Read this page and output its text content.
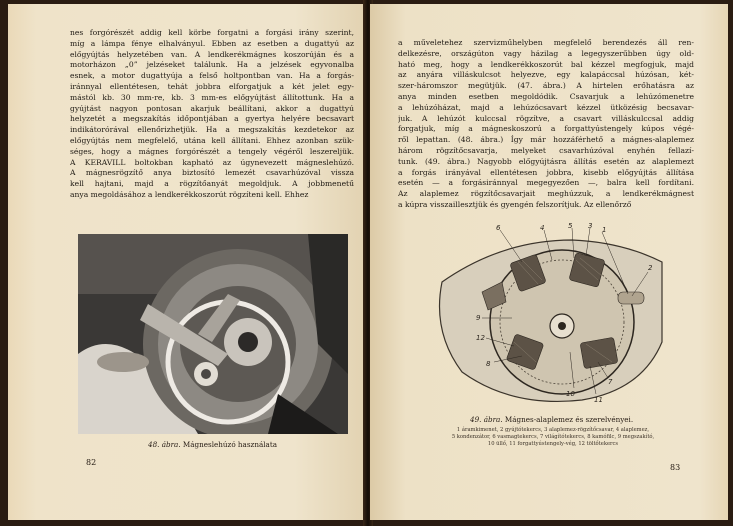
nes forgórészét addig kell körbe forgatni a forgási irány szerint,
míg a lámpa fénye elhalványul. Ebben az esetben a dugattyú az
előgyújtás helyzetében van. A lendkerékmágnes koszorúján és a
motorházon „0” jelzéseket találunk. Ha a jelzések egyvonalba
esnek, a motor dugattyúja a felső holtpontban van. Ha a forgás-
iránnyal ellentétesen, tehát jobbra elforgatjuk a két jelet egy-
mástól kb. 30 mm-re, kb. 3 mm-es előgyújtást állítottunk. Ha a
gyújtást nagyon pontosan akarjuk beállítani, akkor a dugattyú
helyzetét a megszakítás időpontjában a gyertya helyére becsavart
indikátorórával ellenőrizhetjük. Ha a megszakítás kezdetekor az
előgyújtás nem megfelelő, utána kell állítani. Ehhez azonban szük-
séges, hogy a mágnes forgórészét a tengely végéről leszereljük.
A KERAVILL boltokban kapható az úgynevezett mágneslehúzó.
A mágnesrögzítő anya biztosító lemezét csavarhúzóval vissza
kell hajtani, majd a rögzítőanyát megoldjuk. A jobbmenetű
anya megoldásához a lendkerékkoszorút rögzíteni kell. Ehhez
48. ábra. Mágneslehúzó használata
82
a műveletehez szervizműhelyben megfelelő berendezés áll ren-
delkezésre, országúton vagy házilag a legegyszerűbben úgy old-
ható meg, hogy a lendkerékkoszorút bal kézzel megfogjuk, majd
az anyára villáskulcsot helyezve, egy kalapáccsal húzósan, két-
szer-háromszor megütjük. (47. ábra.) A hirtelen erőhatásra az
anya minden esetben megoldódik. Csavarjuk a lehúzómenetre
a lehúzóházat, majd a lehúzócsavart kézzel ütközésig becsavar-
juk. A lehúzót kulccsal rögzítve, a csavart villáskulccsal addig
forgatjuk, míg a mágneskoszorú a forgattyústengely kúpos végé-
ről lepattan. (48. ábra.) Így már hozzáférhető a mágnes-alaplemez
három rögzítőcsavarja, melyeket csavarhúzóval enyhén fellazí-
tunk. (49. ábra.) Nagyobb előgyújtásra állítás esetén az alaplemezt
a forgás irányával ellentétesen jobbra, kisebb előgyújtás állítása
esetén — a forgásiránnyal megegyezően —, balra kell fordítani.
Az alaplemez rögzítőcsavarjait meghúzzuk, a lendkerékmágnest
a kúpra visszaillesztjük és gyengén felszorítjuk. Az ellenőrző
6	4	5 3 1
2
9
12
8
7
10
11
49. ábra. Mágnes-alaplemez és szerelvényei.
1 áramkimenet, 2 gyújtótekercs, 3 alaplemez-rögzítőcsavar, 4 alaplemez,
5 kondenzátor, 6 vasmagtekercs, 7 világítótekercs, 8 kamófilc, 9 megszakító,
10 üllő, 11 forgattyústengely-vég, 12 töltőtekercs
83
